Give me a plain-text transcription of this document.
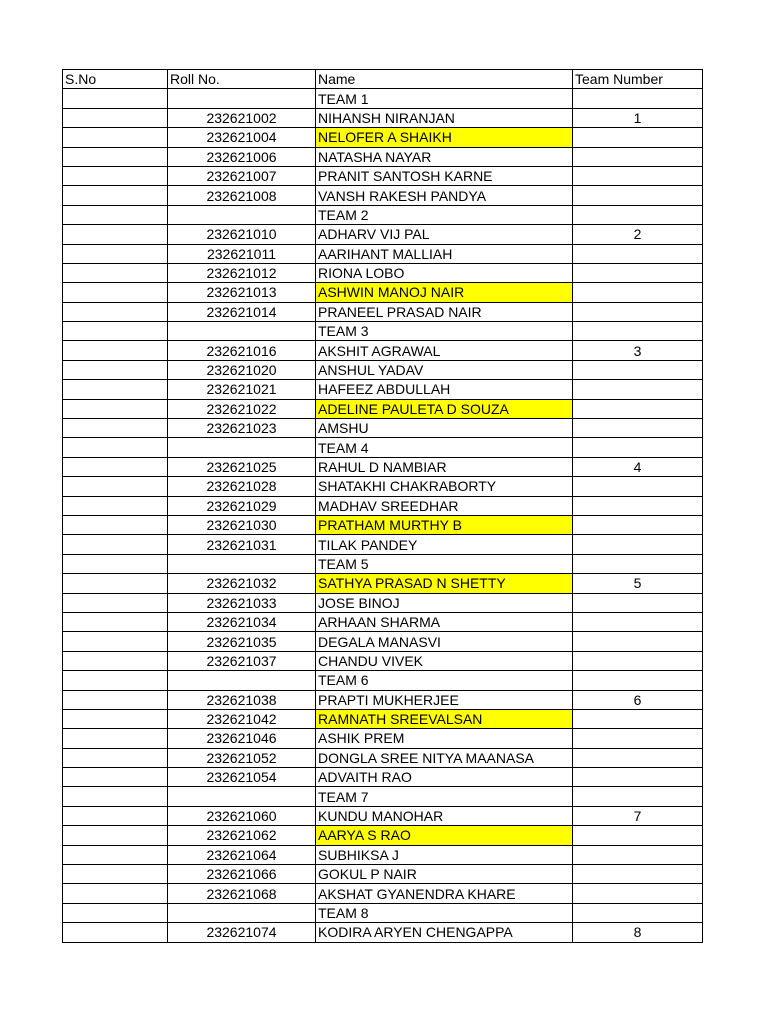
S.No	Roll No.	Name	Team Number
		TEAM 1	
	232621002	NIHANSH NIRANJAN	1
	232621004	NELOFER A SHAIKH	
	232621006	NATASHA NAYAR	
	232621007	PRANIT SANTOSH KARNE	
	232621008	VANSH RAKESH PANDYA	
		TEAM 2	
	232621010	ADHARV VIJ PAL	2
	232621011	AARIHANT MALLIAH	
	232621012	RIONA LOBO	
	232621013	ASHWIN MANOJ NAIR	
	232621014	PRANEEL PRASAD NAIR	
		TEAM 3	
	232621016	AKSHIT AGRAWAL	3
	232621020	ANSHUL YADAV	
	232621021	HAFEEZ ABDULLAH	
	232621022	ADELINE PAULETA D SOUZA	
	232621023	AMSHU	
		TEAM 4	
	232621025	RAHUL D NAMBIAR	4
	232621028	SHATAKHI CHAKRABORTY	
	232621029	MADHAV SREEDHAR	
	232621030	PRATHAM MURTHY B	
	232621031	TILAK PANDEY	
		TEAM 5	
	232621032	SATHYA PRASAD N SHETTY	5
	232621033	JOSE BINOJ	
	232621034	ARHAAN SHARMA	
	232621035	DEGALA MANASVI	
	232621037	CHANDU VIVEK	
		TEAM 6	
	232621038	PRAPTI MUKHERJEE	6
	232621042	RAMNATH SREEVALSAN	
	232621046	ASHIK PREM	
	232621052	DONGLA SREE NITYA MAANASA	
	232621054	ADVAITH RAO	
		TEAM 7	
	232621060	KUNDU MANOHAR	7
	232621062	AARYA S RAO	
	232621064	SUBHIKSA J	
	232621066	GOKUL P NAIR	
	232621068	AKSHAT GYANENDRA KHARE	
		TEAM 8	
	232621074	KODIRA ARYEN CHENGAPPA	8
